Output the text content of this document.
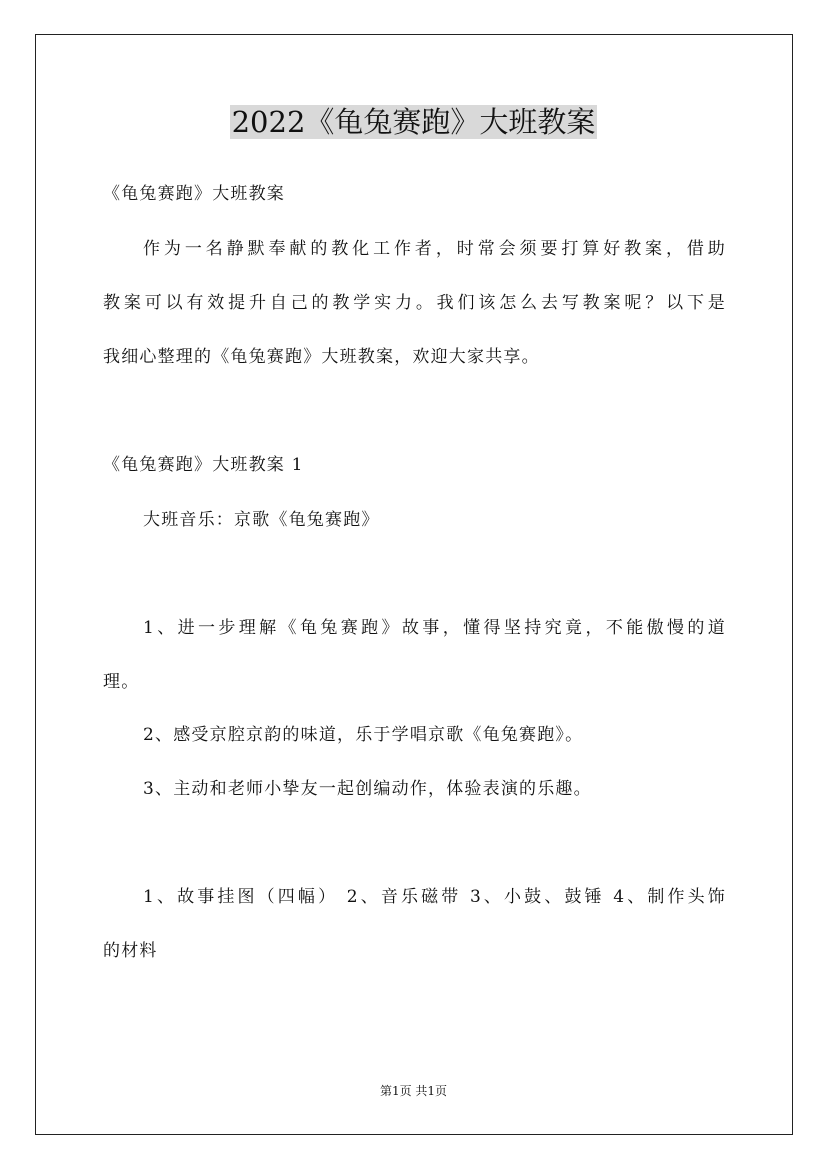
2022《龟兔赛跑》大班教案

《龟兔赛跑》大班教案

作为一名静默奉献的教化工作者，时常会须要打算好教案，借助

教案可以有效提升自己的教学实力。我们该怎么去写教案呢？以下是

我细心整理的《龟兔赛跑》大班教案，欢迎大家共享。

《龟兔赛跑》大班教案 1

大班音乐：京歌《龟兔赛跑》

1、进一步理解《龟兔赛跑》故事，懂得坚持究竟，不能傲慢的道

理。

2、感受京腔京韵的味道，乐于学唱京歌《龟兔赛跑》。

3、主动和老师小挚友一起创编动作，体验表演的乐趣。

1、故事挂图（四幅） 2、音乐磁带 3、小鼓、鼓锤 4、制作头饰

的材料

第1页 共1页
